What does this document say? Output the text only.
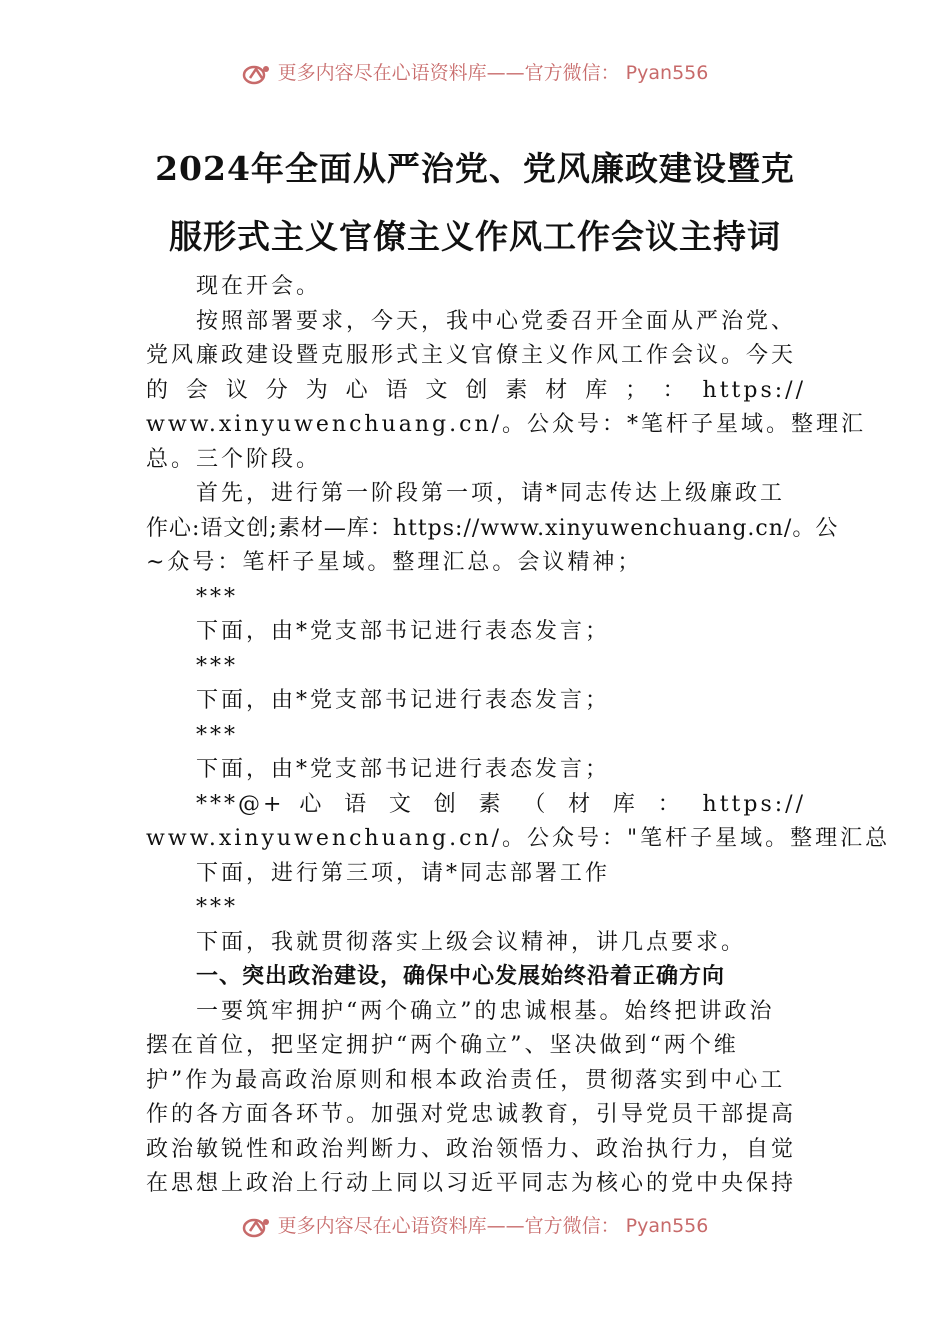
更多内容尽在心语资料库——官方微信： Pyan556
2024年全面从严治党、党风廉政建设暨克
服形式主义官僚主义作风工作会议主持词

现在开会。

按照部署要求，今天，我中心党委召开全面从严治党、
党风廉政建设暨克服形式主义官僚主义作风工作会议。今天
的 会 议 分 为 心 语 文 创 素 材 库 ； ： https://
www.xinyuwenchuang.cn/。公众号：*笔杆子星域。整理汇
总。三个阶段。

首先，进行第一阶段第一项，请*同志传达上级廉政工
作心:语文创;素材—库：https://www.xinyuwenchuang.cn/。公
~众号：笔杆子星域。整理汇总。会议精神；

***

下面，由*党支部书记进行表态发言；

***

下面，由*党支部书记进行表态发言；

***

下面，由*党支部书记进行表态发言；

***@+ 心 语 文 创 素 （ 材 库 ： https://
www.xinyuwenchuang.cn/。公众号："笔杆子星域。整理汇总

下面，进行第三项，请*同志部署工作

***

下面，我就贯彻落实上级会议精神，讲几点要求。

一、突出政治建设，确保中心发展始终沿着正确方向

一要筑牢拥护“两个确立”的忠诚根基。始终把讲政治
摆在首位，把坚定拥护“两个确立”、坚决做到“两个维
护”作为最高政治原则和根本政治责任，贯彻落实到中心工
作的各方面各环节。加强对党忠诚教育，引导党员干部提高
政治敏锐性和政治判断力、政治领悟力、政治执行力，自觉
在思想上政治上行动上同以习近平同志为核心的党中央保持

更多内容尽在心语资料库——官方微信： Pyan556
